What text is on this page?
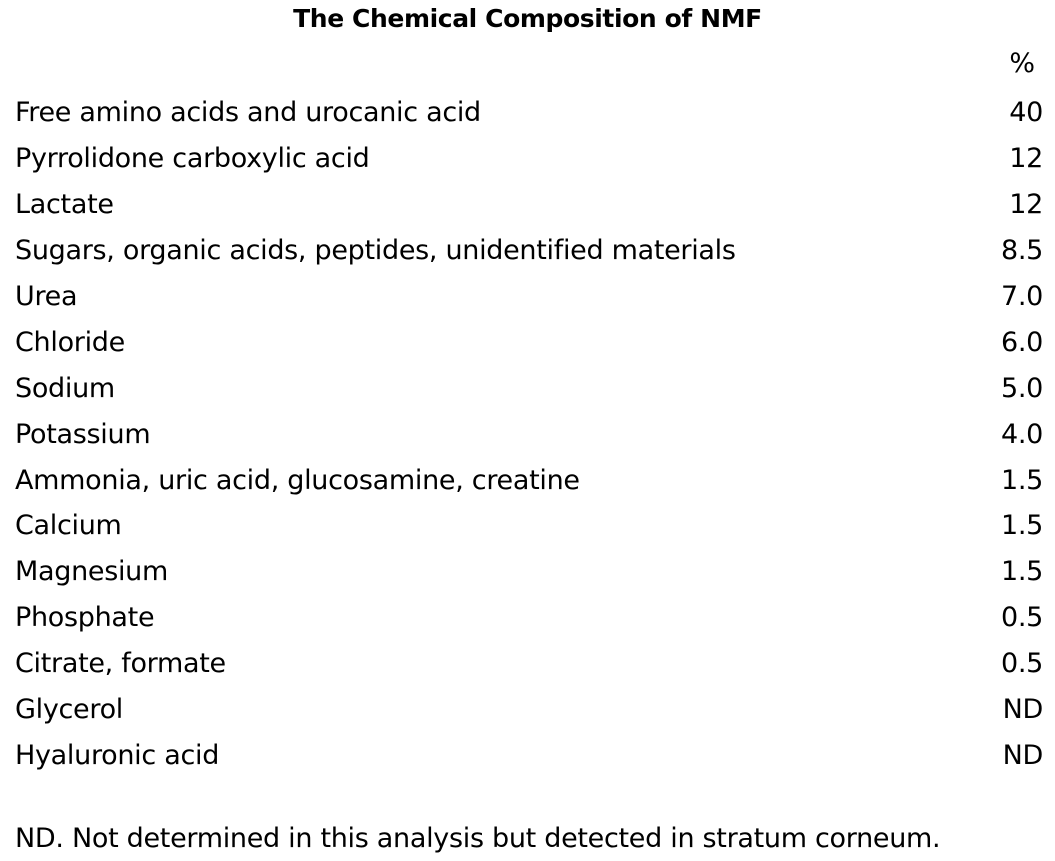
The Chemical Composition of NMF
%
Free amino acids and urocanic acid	40
Pyrrolidone carboxylic acid	12
Lactate	12
Sugars, organic acids, peptides, unidentified materials	8.5
Urea	7.0
Chloride	6.0
Sodium	5.0
Potassium	4.0
Ammonia, uric acid, glucosamine, creatine	1.5
Calcium	1.5
Magnesium	1.5
Phosphate	0.5
Citrate, formate	0.5
Glycerol	ND
Hyaluronic acid	ND
ND. Not determined in this analysis but detected in stratum corneum.
